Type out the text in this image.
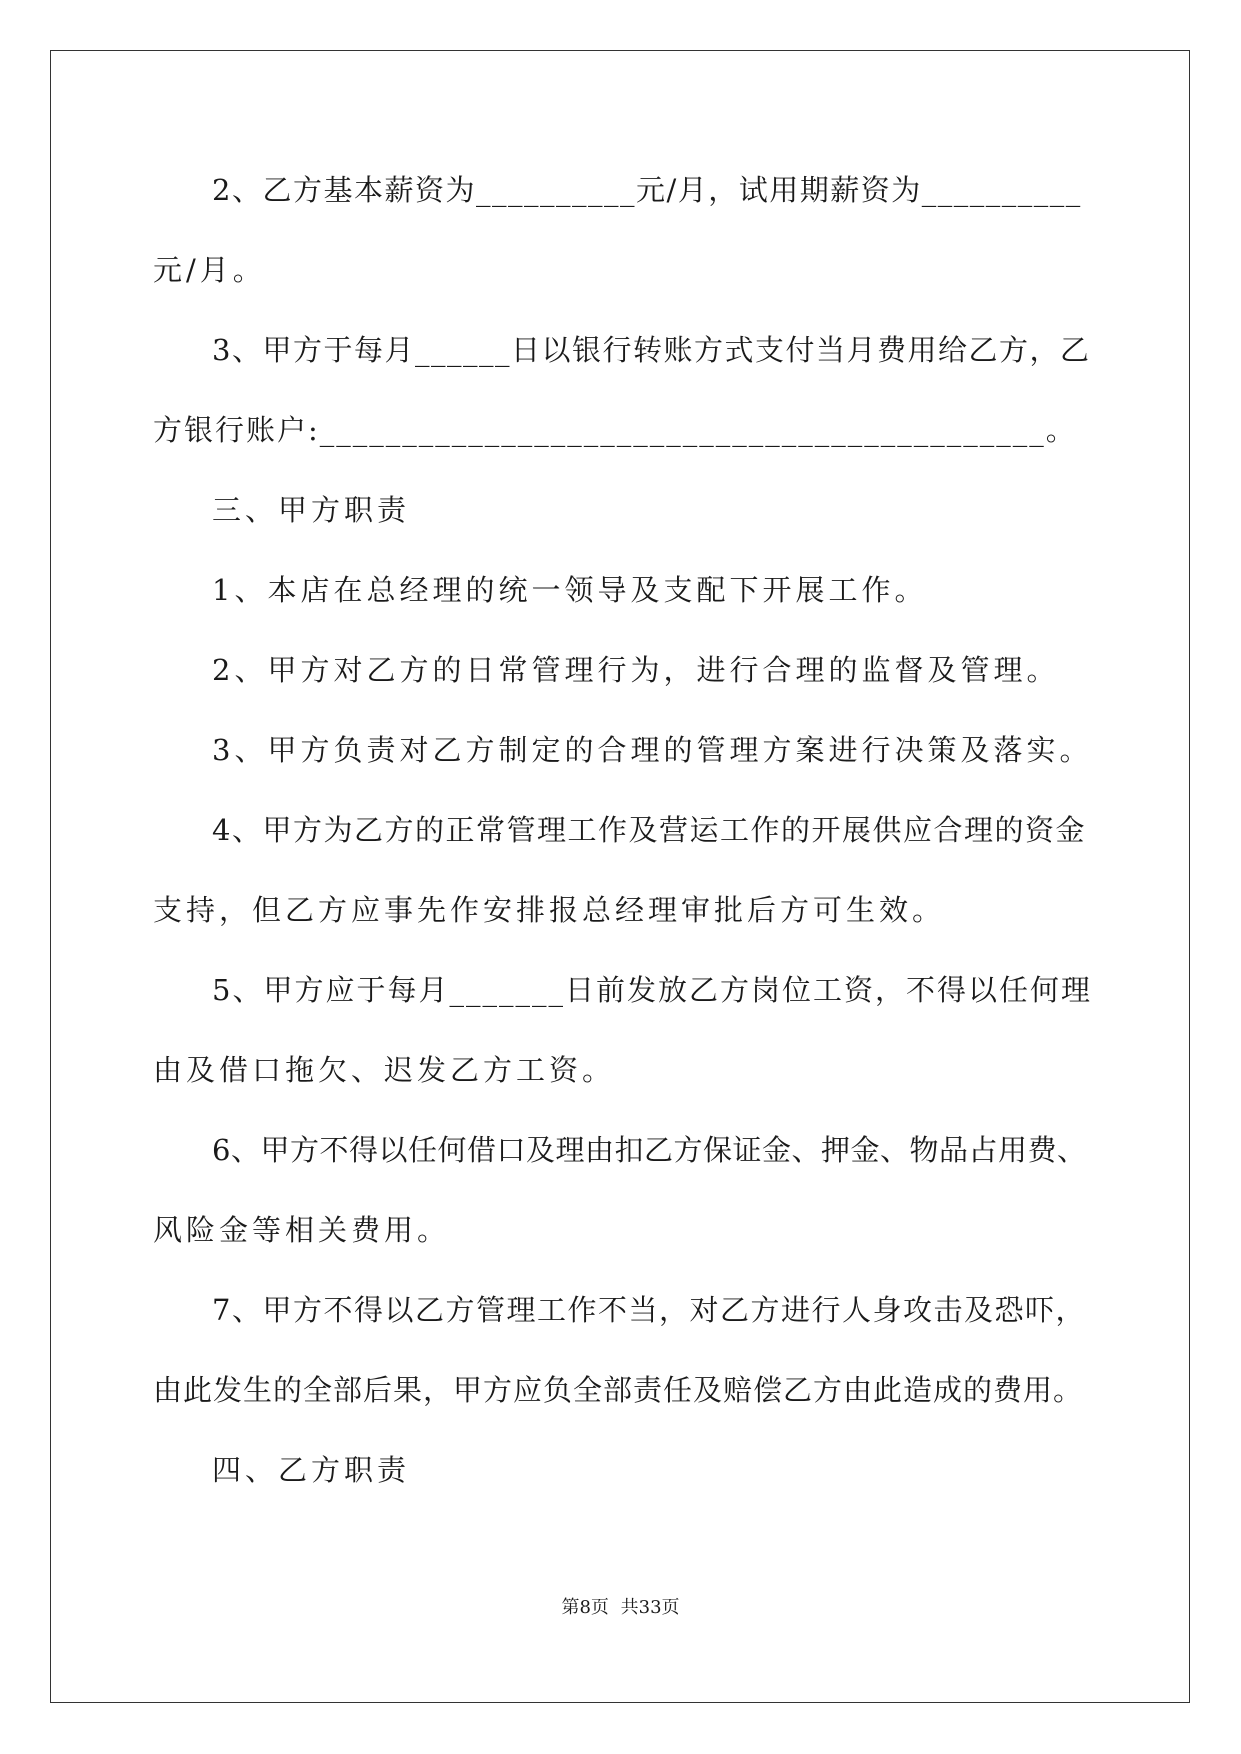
2、乙方基本薪资为__________元/月，试用期薪资为__________
元/月。
3、甲方于每月______日以银行转账方式支付当月费用给乙方，乙
方银行账户:____________________________________________。
三、甲方职责
1、本店在总经理的统一领导及支配下开展工作。
2、甲方对乙方的日常管理行为，进行合理的监督及管理。
3、甲方负责对乙方制定的合理的管理方案进行决策及落实。
4、甲方为乙方的正常管理工作及营运工作的开展供应合理的资金
支持，但乙方应事先作安排报总经理审批后方可生效。
5、甲方应于每月_______日前发放乙方岗位工资，不得以任何理
由及借口拖欠、迟发乙方工资。
6、甲方不得以任何借口及理由扣乙方保证金、押金、物品占用费、
风险金等相关费用。
7、甲方不得以乙方管理工作不当，对乙方进行人身攻击及恐吓，
由此发生的全部后果，甲方应负全部责任及赔偿乙方由此造成的费用。
四、乙方职责
第8页 共33页
